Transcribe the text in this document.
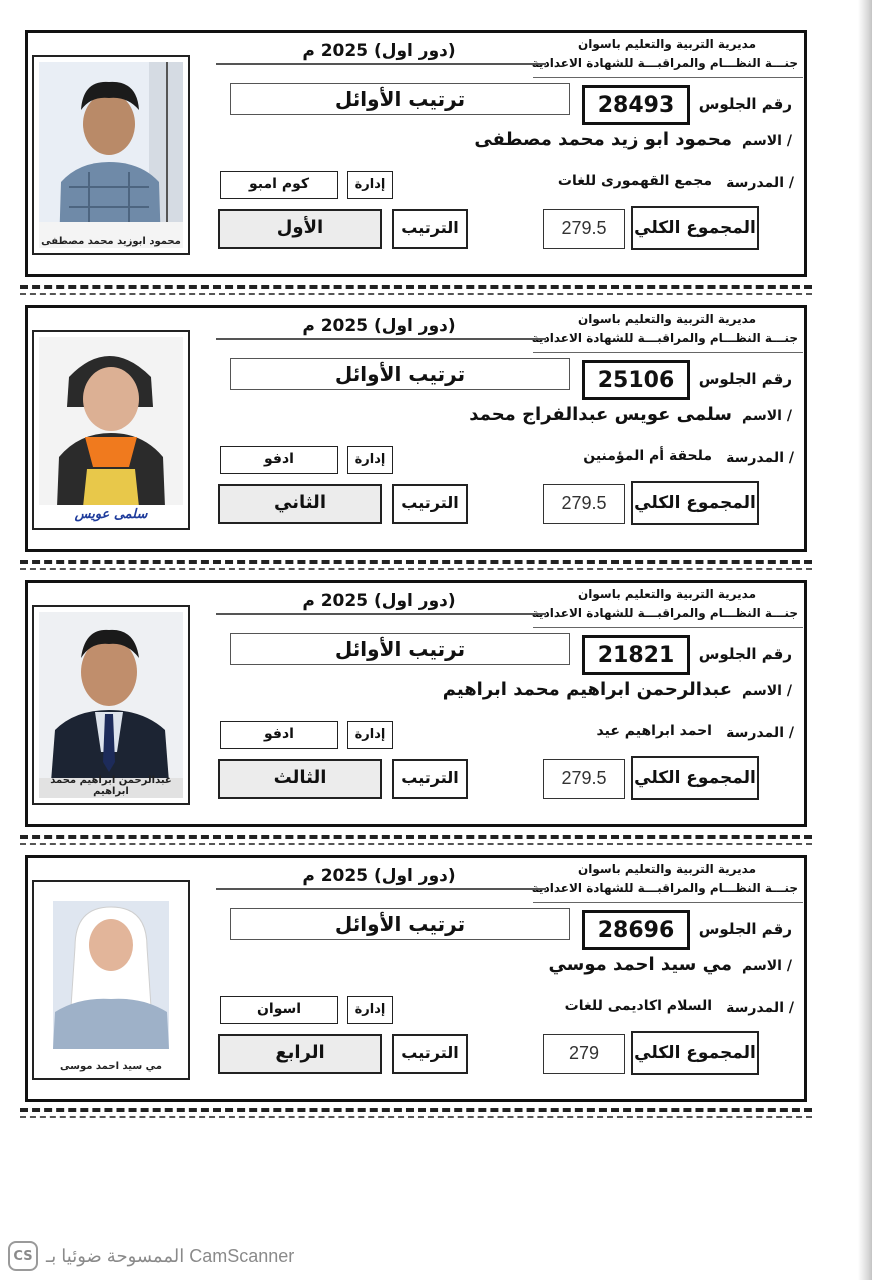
محمود ابوزيد محمد مصطفى
مديرية التربية والتعليم باسوان
جنـــة النظـــام والمراقبـــة للشهادة الاعدادية
(دور اول) 2025 م
ترتيب الأوائل	28493	رقم الجلوس
الاسم /
محمود ابو زيد محمد مصطفى
المدرسة /
مجمع القهمورى للغات
كوم امبو	إدارة
الأول	الترتيب	279.5	المجموع الكلي
سلمى عويس
مديرية التربية والتعليم باسوان
جنـــة النظـــام والمراقبـــة للشهادة الاعدادية
(دور اول) 2025 م
ترتيب الأوائل	25106	رقم الجلوس
الاسم /
سلمى عويس عبدالفراج محمد
المدرسة /
ملحقة أم المؤمنين
ادفو	إدارة
الثاني	الترتيب	279.5	المجموع الكلي
عبدالرحمن ابراهيم محمد ابراهيم
مديرية التربية والتعليم باسوان
جنـــة النظـــام والمراقبـــة للشهادة الاعدادية
(دور اول) 2025 م
ترتيب الأوائل	21821	رقم الجلوس
الاسم /
عبدالرحمن ابراهيم محمد ابراهيم
المدرسة /
احمد ابراهيم عيد
ادفو	إدارة
الثالث	الترتيب	279.5	المجموع الكلي
مي سيد احمد موسى
مديرية التربية والتعليم باسوان
جنـــة النظـــام والمراقبـــة للشهادة الاعدادية
(دور اول) 2025 م
ترتيب الأوائل	28696	رقم الجلوس
الاسم /
مي سيد احمد موسي
المدرسة /
السلام اكاديمى للغات
اسوان	إدارة
الرابع	الترتيب	279	المجموع الكلي
CS الممسوحة ضوئيا بـ CamScanner
